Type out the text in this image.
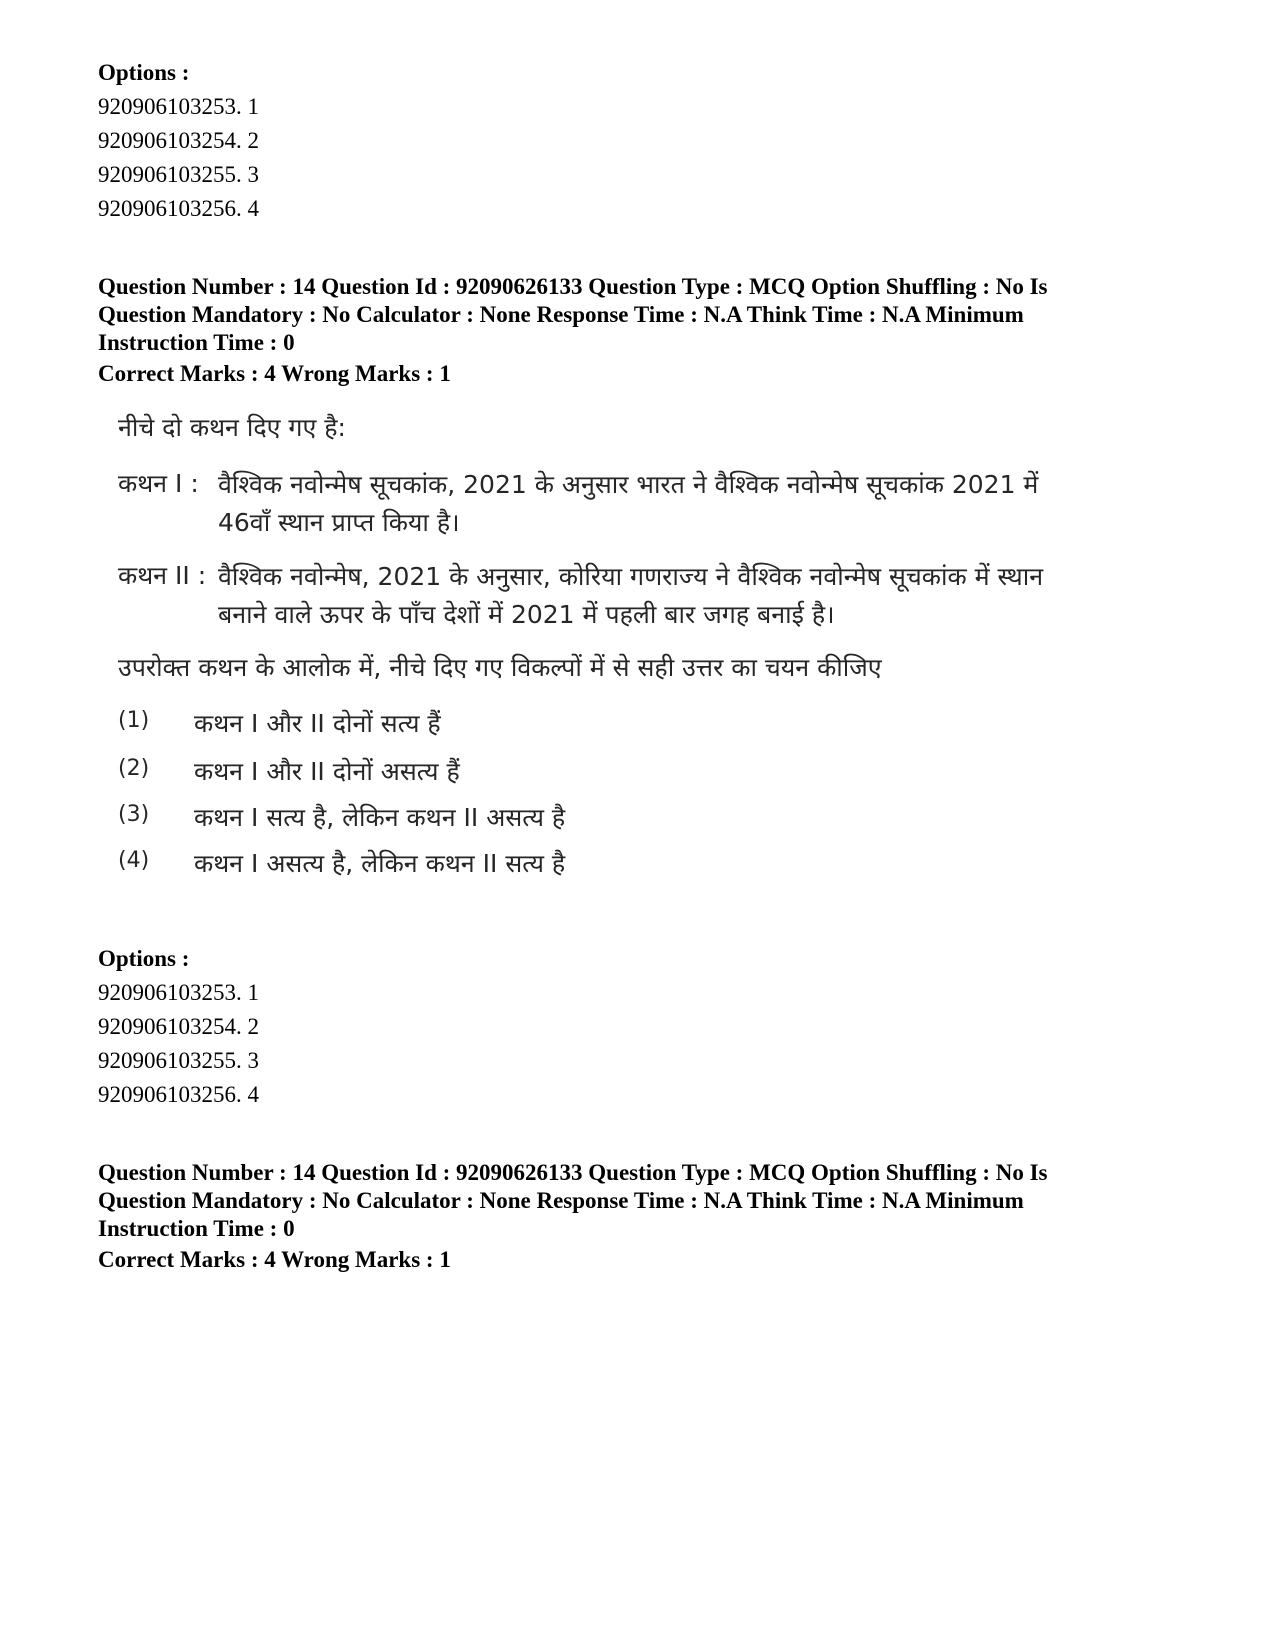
Options :
920906103253. 1
920906103254. 2
920906103255. 3
920906103256. 4
Question Number : 14 Question Id : 92090626133 Question Type : MCQ Option Shuffling : No Is
Question Mandatory : No Calculator : None Response Time : N.A Think Time : N.A Minimum
Instruction Time : 0
Correct Marks : 4 Wrong Marks : 1
नीचे दो कथन दिए गए है:
कथन I : वैश्विक नवोन्मेष सूचकांक, 2021 के अनुसार भारत ने वैश्विक नवोन्मेष सूचकांक 2021 में
46वाँ स्थान प्राप्त किया है।
कथन II : वैश्विक नवोन्मेष, 2021 के अनुसार, कोरिया गणराज्य ने वैश्विक नवोन्मेष सूचकांक में स्थान
बनाने वाले ऊपर के पाँच देशों में 2021 में पहली बार जगह बनाई है।
उपरोक्त कथन के आलोक में, नीचे दिए गए विकल्पों में से सही उत्तर का चयन कीजिए
(1) कथन I और II दोनों सत्य हैं
(2) कथन I और II दोनों असत्य हैं
(3) कथन I सत्य है, लेकिन कथन II असत्य है
(4) कथन I असत्य है, लेकिन कथन II सत्य है
Options :
920906103253. 1
920906103254. 2
920906103255. 3
920906103256. 4
Question Number : 14 Question Id : 92090626133 Question Type : MCQ Option Shuffling : No Is
Question Mandatory : No Calculator : None Response Time : N.A Think Time : N.A Minimum
Instruction Time : 0
Correct Marks : 4 Wrong Marks : 1
